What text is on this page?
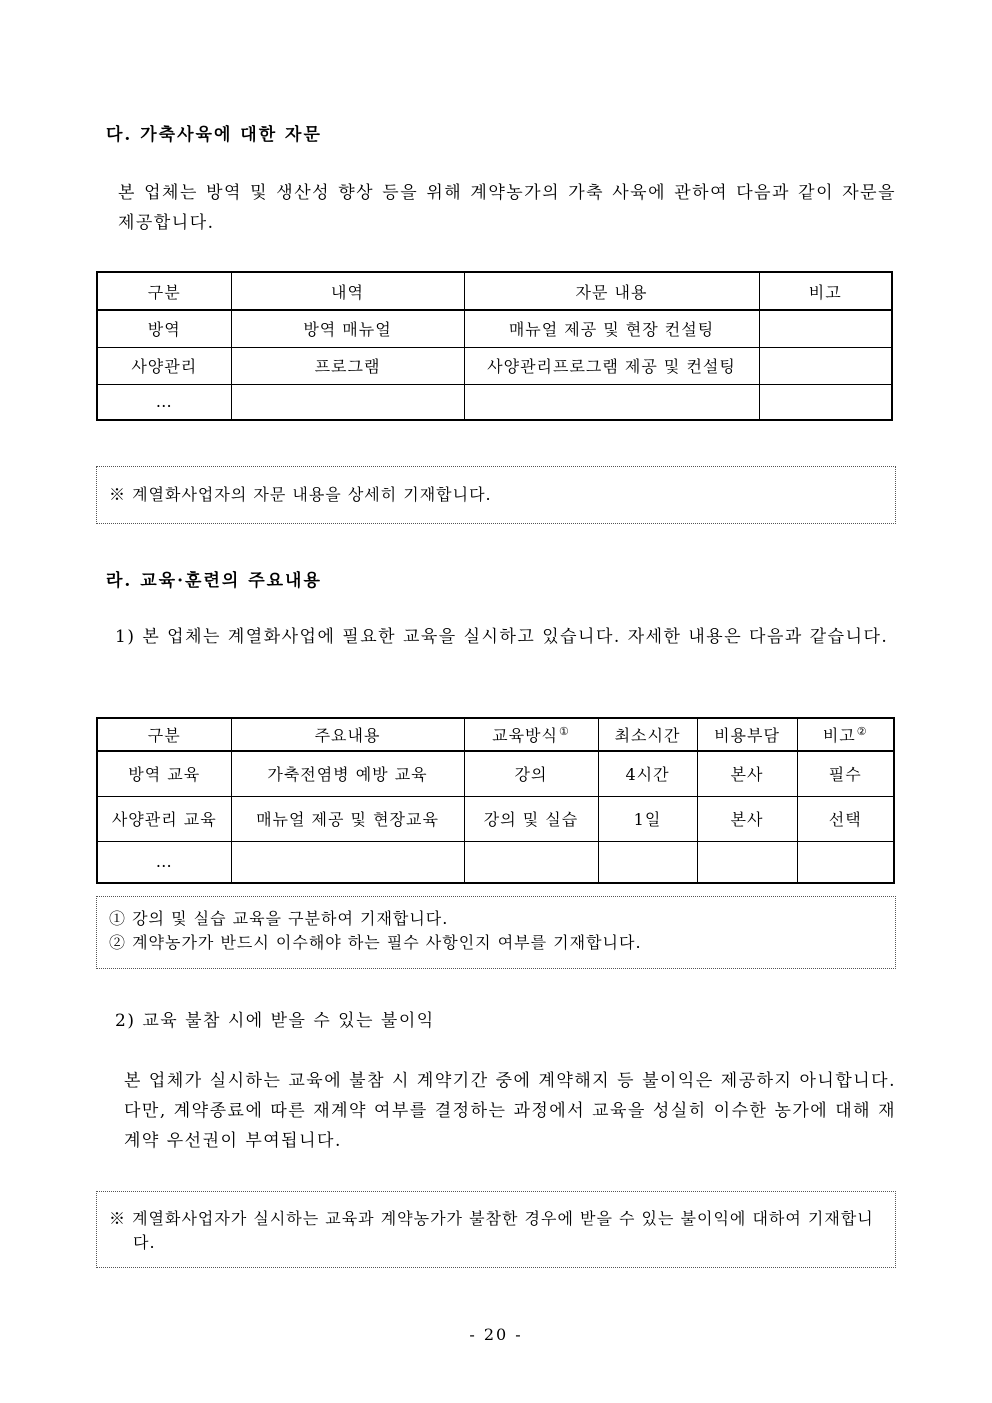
다. 가축사육에 대한 자문
본 업체는 방역 및 생산성 향상 등을 위해 계약농가의 가축 사육에 관하여 다음과 같이 자문을 제공합니다.
구분	내역	자문 내용	비고
방역	방역 매뉴얼	매뉴얼 제공 및 현장 컨설팅	
사양관리	프로그램	사양관리프로그램 제공 및 컨설팅	
…			
※ 계열화사업자의 자문 내용을 상세히 기재합니다.
라. 교육·훈련의 주요내용
1) 본 업체는 계열화사업에 필요한 교육을 실시하고 있습니다. 자세한 내용은 다음과 같습니다.
구분	주요내용	교육방식①	최소시간	비용부담	비고②
방역 교육	가축전염병 예방 교육	강의	4시간	본사	필수
사양관리 교육	매뉴얼 제공 및 현장교육	강의 및 실습	1일	본사	선택
…					
① 강의 및 실습 교육을 구분하여 기재합니다.
② 계약농가가 반드시 이수해야 하는 필수 사항인지 여부를 기재합니다.
2) 교육 불참 시에 받을 수 있는 불이익
본 업체가 실시하는 교육에 불참 시 계약기간 중에 계약해지 등 불이익은 제공하지 아니합니다. 다만, 계약종료에 따른 재계약 여부를 결정하는 과정에서 교육을 성실히 이수한 농가에 대해 재계약 우선권이 부여됩니다.
※ 계열화사업자가 실시하는 교육과 계약농가가 불참한 경우에 받을 수 있는 불이익에 대하여 기재합니다.
- 20 -
